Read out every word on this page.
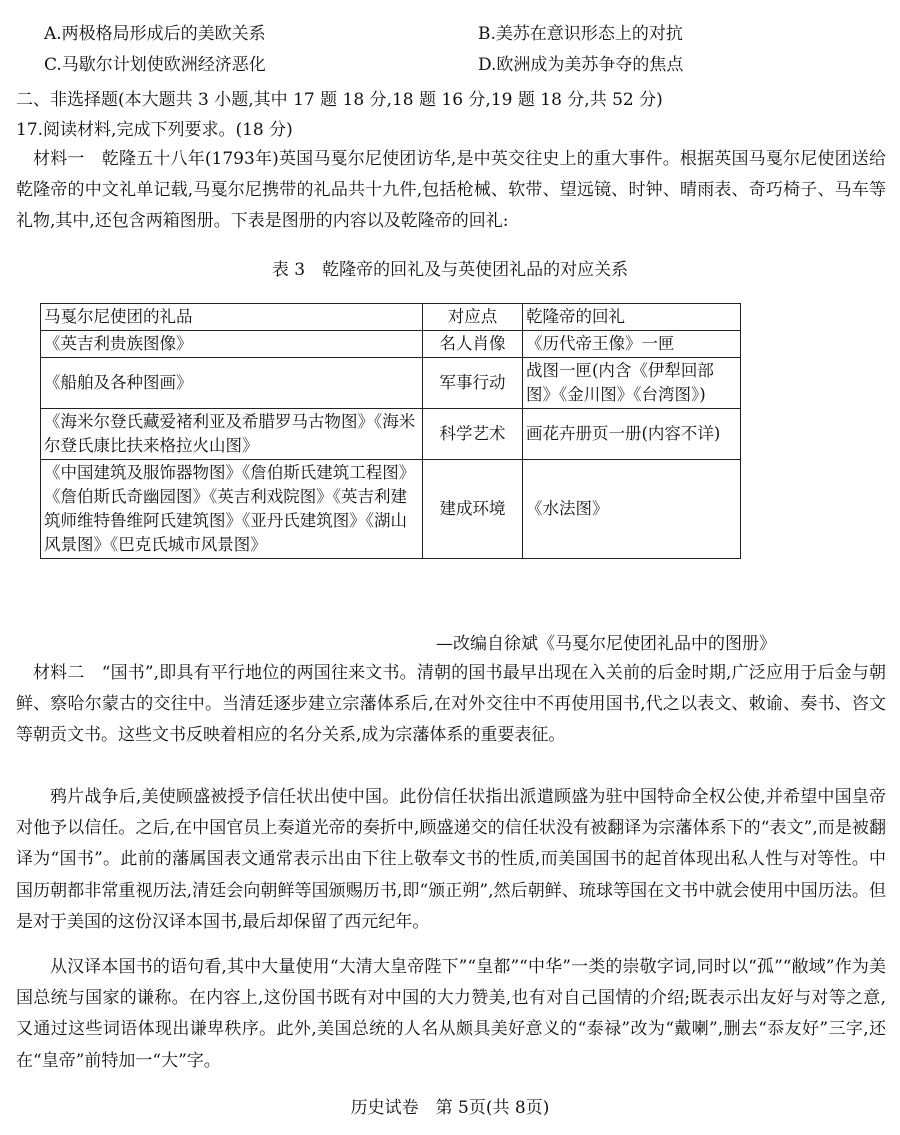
A.两极格局形成后的美欧关系	B.美苏在意识形态上的对抗
C.马歇尔计划使欧洲经济恶化	D.欧洲成为美苏争夺的焦点
二、非选择题(本大题共 3 小题,其中 17 题 18 分,18 题 16 分,19 题 18 分,共 52 分)
17.阅读材料,完成下列要求。(18 分)
材料一　乾隆五十八年(1793年)英国马戛尔尼使团访华,是中英交往史上的重大事件。根据英国马戛尔尼使团送给乾隆帝的中文礼单记载,马戛尔尼携带的礼品共十九件,包括枪械、软带、望远镜、时钟、晴雨表、奇巧椅子、马车等礼物,其中,还包含两箱图册。下表是图册的内容以及乾隆帝的回礼:
表 3　乾隆帝的回礼及与英使团礼品的对应关系
马戛尔尼使团的礼品	对应点	乾隆帝的回礼
《英吉利贵族图像》	名人肖像	《历代帝王像》一匣
《船舶及各种图画》	军事行动	战图一匣(内含《伊犁回部图》《金川图》《台湾图》)
《海米尔登氏藏爱褚利亚及希腊罗马古物图》《海米尔登氏康比扶来格拉火山图》	科学艺术	画花卉册页一册(内容不详)
《中国建筑及服饰器物图》《詹伯斯氏建筑工程图》《詹伯斯氏奇幽园图》《英吉利戏院图》《英吉利建筑师维特鲁维阿氏建筑图》《亚丹氏建筑图》《湖山风景图》《巴克氏城市风景图》	建成环境	《水法图》
—改编自徐斌《马戛尔尼使团礼品中的图册》
材料二　“国书”,即具有平行地位的两国往来文书。清朝的国书最早出现在入关前的后金时期,广泛应用于后金与朝鲜、察哈尔蒙古的交往中。当清廷逐步建立宗藩体系后,在对外交往中不再使用国书,代之以表文、敕谕、奏书、咨文等朝贡文书。这些文书反映着相应的名分关系,成为宗藩体系的重要表征。
鸦片战争后,美使顾盛被授予信任状出使中国。此份信任状指出派遣顾盛为驻中国特命全权公使,并希望中国皇帝对他予以信任。之后,在中国官员上奏道光帝的奏折中,顾盛递交的信任状没有被翻译为宗藩体系下的“表文”,而是被翻译为“国书”。此前的藩属国表文通常表示出由下往上敬奉文书的性质,而美国国书的起首体现出私人性与对等性。中国历朝都非常重视历法,清廷会向朝鲜等国颁赐历书,即“颁正朔”,然后朝鲜、琉球等国在文书中就会使用中国历法。但是对于美国的这份汉译本国书,最后却保留了西元纪年。
从汉译本国书的语句看,其中大量使用“大清大皇帝陛下”“皇都”“中华”一类的崇敬字词,同时以“孤”“敝域”作为美国总统与国家的谦称。在内容上,这份国书既有对中国的大力赞美,也有对自己国情的介绍;既表示出友好与对等之意,又通过这些词语体现出谦卑秩序。此外,美国总统的人名从颇具美好意义的“泰禄”改为“戴喇”,删去“忝友好”三字,还在“皇帝”前特加一“大”字。
历史试卷　第 5页(共 8页)
